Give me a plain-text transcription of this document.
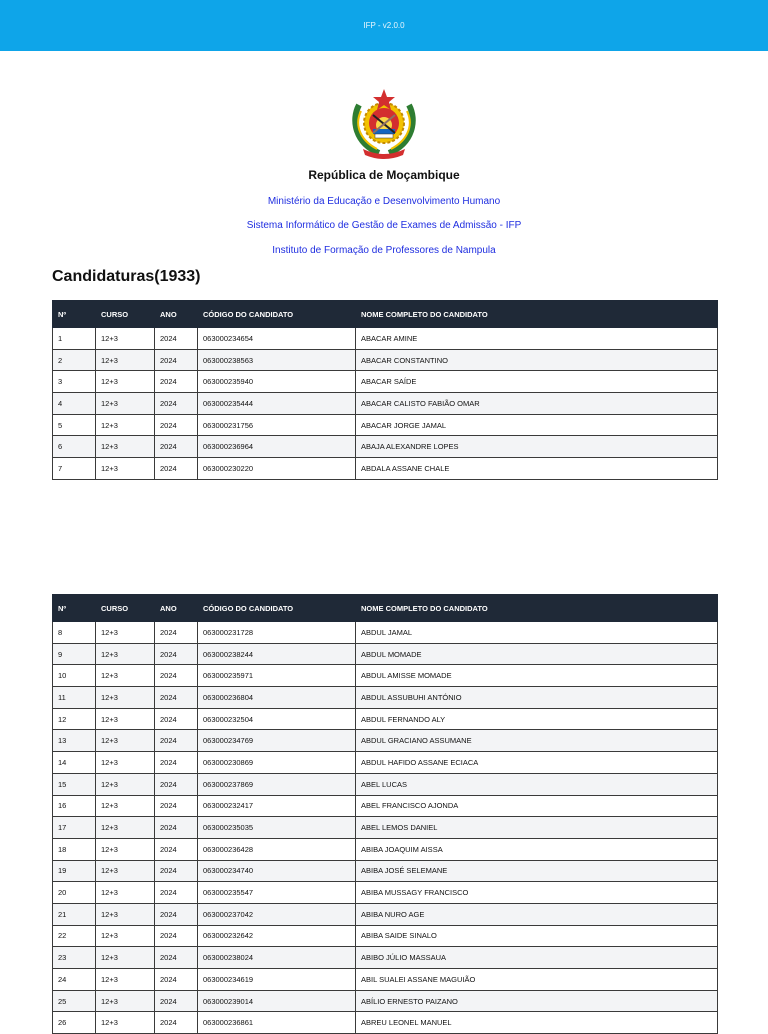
IFP - v2.0.0
República de Moçambique
Ministério da Educação e Desenvolvimento Humano
Sistema Informático de Gestão de Exames de Admissão - IFP
Instituto de Formação de Professores de Nampula
Candidaturas(1933)
Nº	CURSO	ANO	CÓDIGO DO CANDIDATO	NOME COMPLETO DO CANDIDATO
1	12+3	2024	063000234654	ABACAR AMINE
2	12+3	2024	063000238563	ABACAR CONSTANTINO
3	12+3	2024	063000235940	ABACAR SAÍDE
4	12+3	2024	063000235444	ABACAR CALISTO FABIÃO OMAR
5	12+3	2024	063000231756	ABACAR JORGE JAMAL
6	12+3	2024	063000236964	ABAJA ALEXANDRE LOPES
7	12+3	2024	063000230220	ABDALA ASSANE CHALE
Nº	CURSO	ANO	CÓDIGO DO CANDIDATO	NOME COMPLETO DO CANDIDATO
8	12+3	2024	063000231728	ABDUL JAMAL
9	12+3	2024	063000238244	ABDUL MOMADE
10	12+3	2024	063000235971	ABDUL AMISSE MOMADE
11	12+3	2024	063000236804	ABDUL ASSUBUHI ANTÓNIO
12	12+3	2024	063000232504	ABDUL FERNANDO ALY
13	12+3	2024	063000234769	ABDUL GRACIANO ASSUMANE
14	12+3	2024	063000230869	ABDUL HAFIDO ASSANE ECIACA
15	12+3	2024	063000237869	ABEL LUCAS
16	12+3	2024	063000232417	ABEL FRANCISCO AJONDA
17	12+3	2024	063000235035	ABEL LEMOS DANIEL
18	12+3	2024	063000236428	ABIBA JOAQUIM AISSA
19	12+3	2024	063000234740	ABIBA JOSÉ SELEMANE
20	12+3	2024	063000235547	ABIBA MUSSAGY FRANCISCO
21	12+3	2024	063000237042	ABIBA NURO AGE
22	12+3	2024	063000232642	ABIBA SAIDE SINALO
23	12+3	2024	063000238024	ABIBO JÚLIO MASSAUA
24	12+3	2024	063000234619	ABIL SUALEI ASSANE MAGUIÃO
25	12+3	2024	063000239014	ABÍLIO ERNESTO PAIZANO
26	12+3	2024	063000236861	ABREU LEONEL MANUEL
